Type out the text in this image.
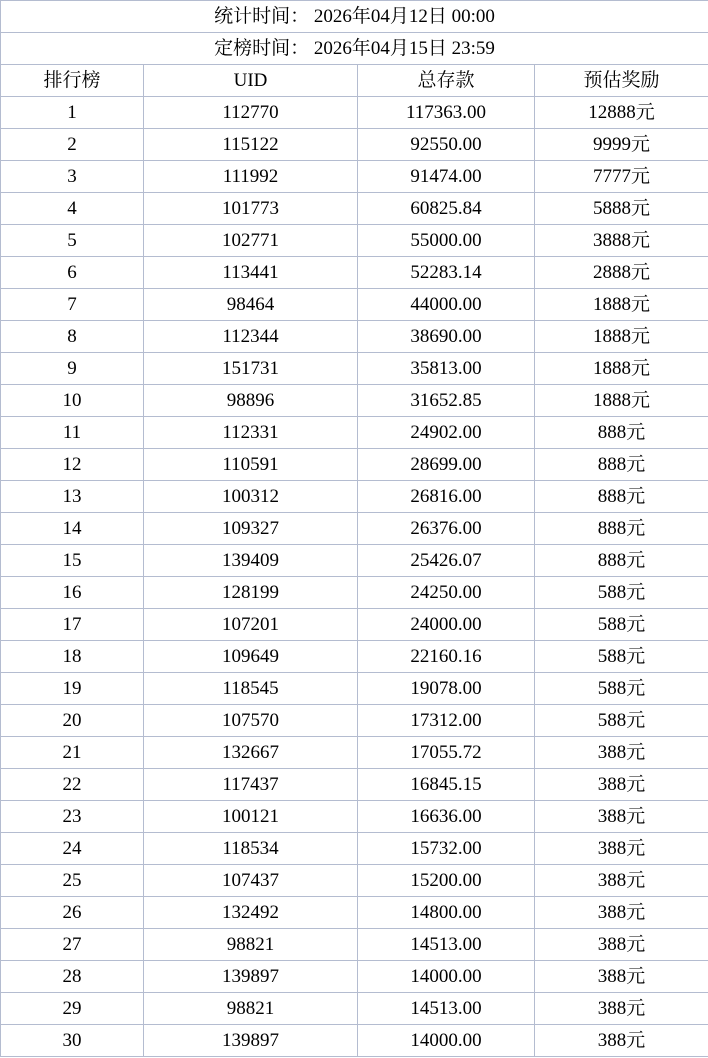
统计时间： 2026年04月12日 00:00			
定榜时间： 2026年04月15日 23:59			
排行榜	UID	总存款	预估奖励
1	112770	117363.00	12888元
2	115122	92550.00	9999元
3	111992	91474.00	7777元
4	101773	60825.84	5888元
5	102771	55000.00	3888元
6	113441	52283.14	2888元
7	98464	44000.00	1888元
8	112344	38690.00	1888元
9	151731	35813.00	1888元
10	98896	31652.85	1888元
11	112331	24902.00	888元
12	110591	28699.00	888元
13	100312	26816.00	888元
14	109327	26376.00	888元
15	139409	25426.07	888元
16	128199	24250.00	588元
17	107201	24000.00	588元
18	109649	22160.16	588元
19	118545	19078.00	588元
20	107570	17312.00	588元
21	132667	17055.72	388元
22	117437	16845.15	388元
23	100121	16636.00	388元
24	118534	15732.00	388元
25	107437	15200.00	388元
26	132492	14800.00	388元
27	98821	14513.00	388元
28	139897	14000.00	388元
29	98821	14513.00	388元
30	139897	14000.00	388元
